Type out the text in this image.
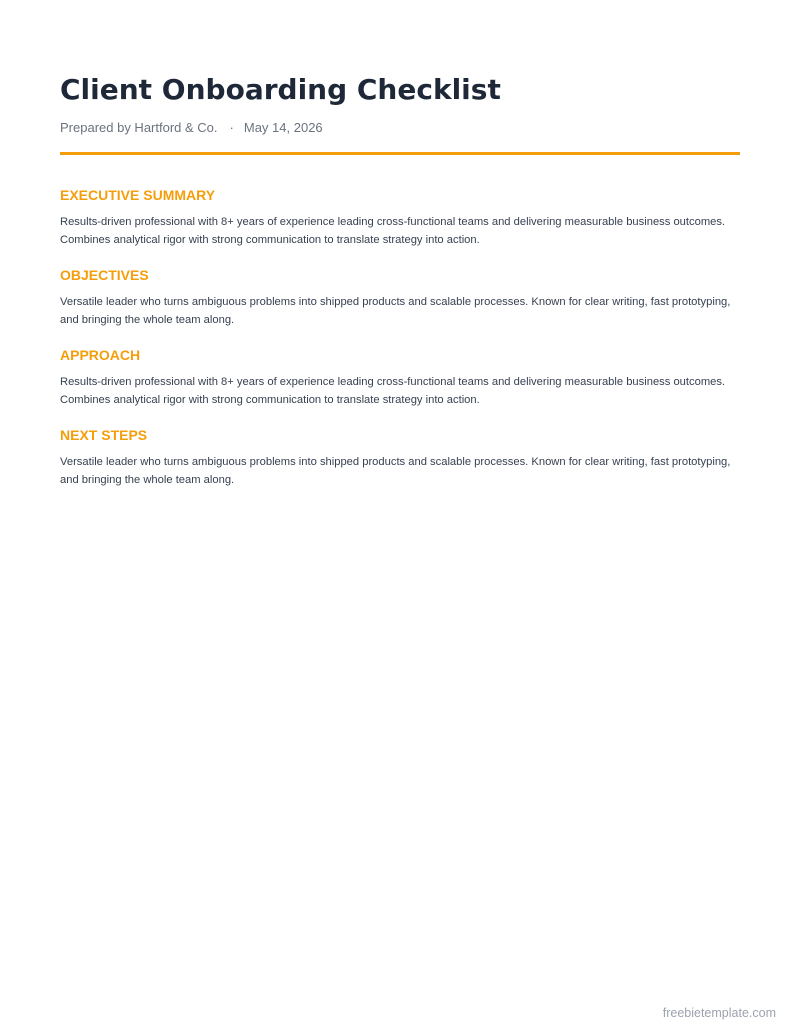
Client Onboarding Checklist
Prepared by Hartford & Co. · May 14, 2026
EXECUTIVE SUMMARY

Results-driven professional with 8+ years of experience leading cross-functional teams and delivering measurable business outcomes. Combines analytical rigor with strong communication to translate strategy into action.

OBJECTIVES

Versatile leader who turns ambiguous problems into shipped products and scalable processes. Known for clear writing, fast prototyping, and bringing the whole team along.

APPROACH

Results-driven professional with 8+ years of experience leading cross-functional teams and delivering measurable business outcomes. Combines analytical rigor with strong communication to translate strategy into action.

NEXT STEPS

Versatile leader who turns ambiguous problems into shipped products and scalable processes. Known for clear writing, fast prototyping, and bringing the whole team along.

freebietemplate.com
